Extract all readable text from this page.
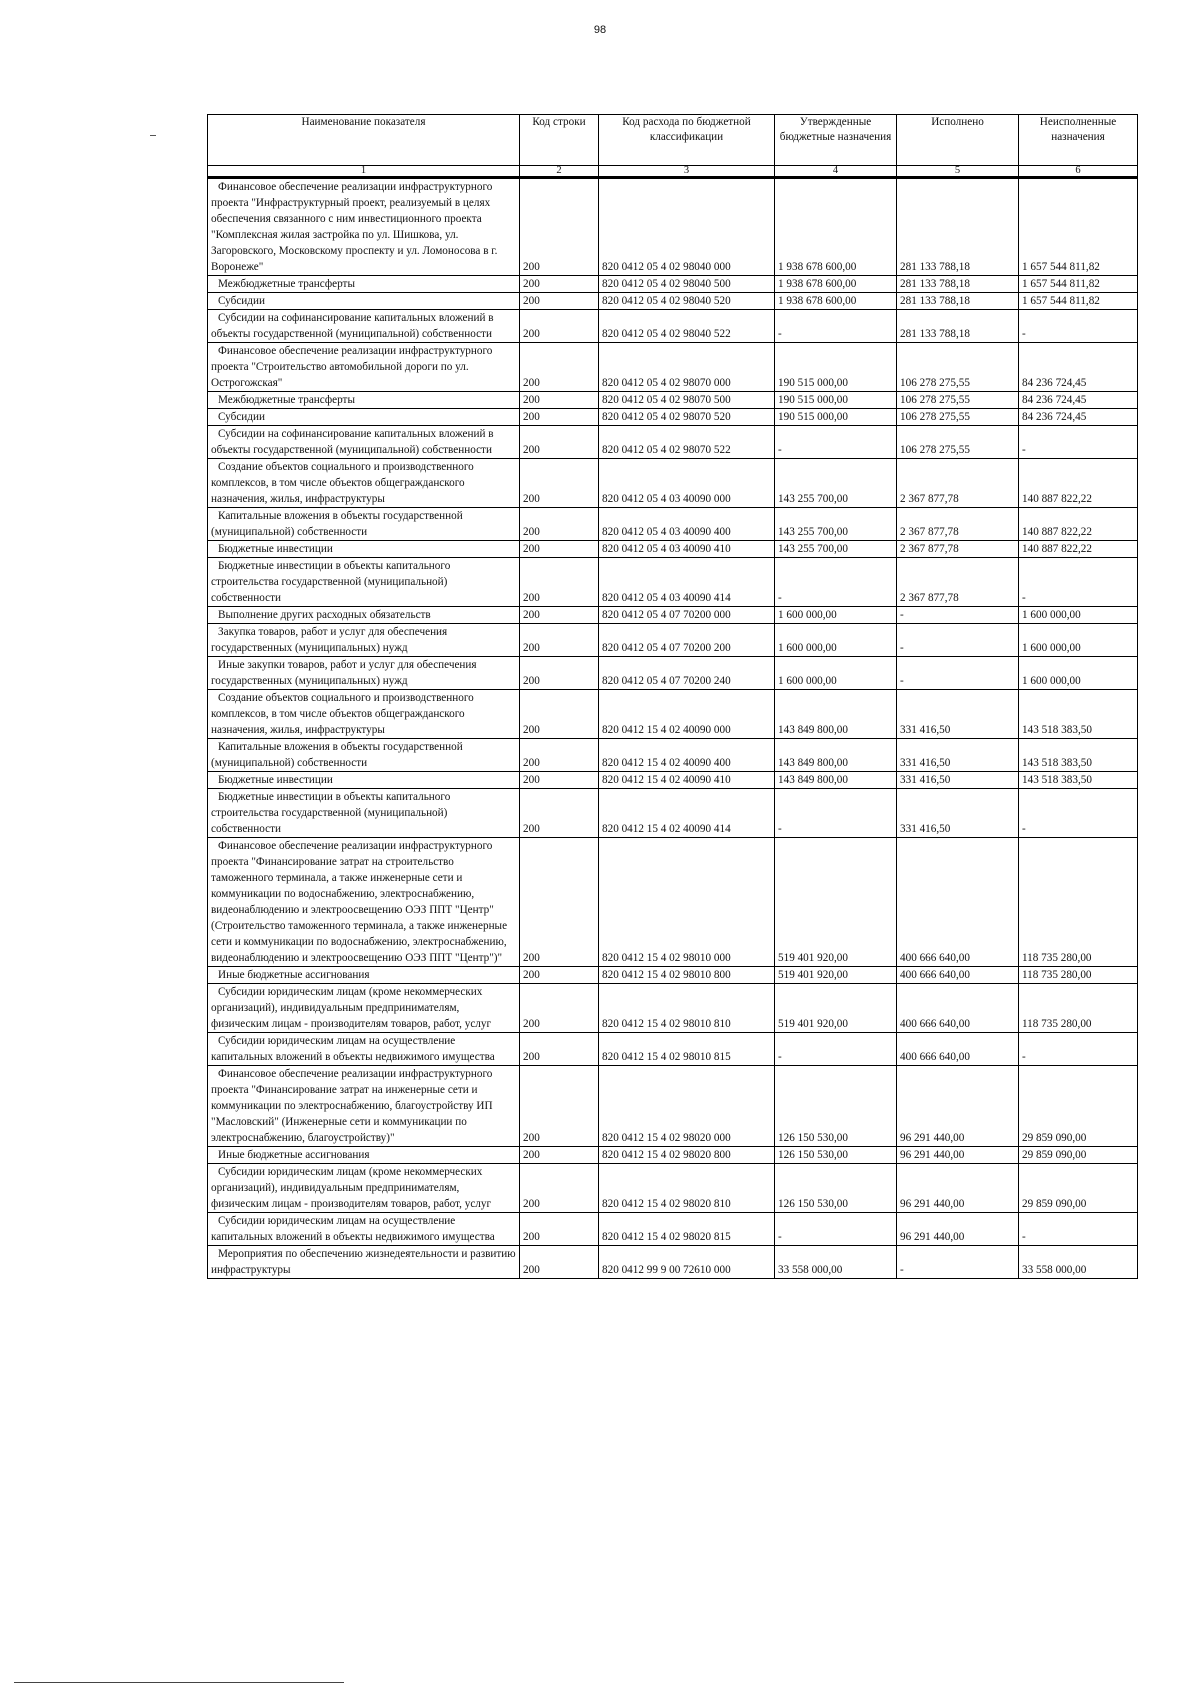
98
Наименование показателя	Код строки	Код расхода по бюджетной классификации	Утвержденные бюджетные назначения	Исполнено	Неисполненные назначения
1	2	3	4	5	6
Финансовое обеспечение реализации инфраструктурного проекта "Инфраструктурный проект, реализуемый в целях обеспечения связанного с ним инвестиционного проекта "Комплексная жилая застройка по ул. Шишкова, ул. Загоровского, Московскому проспекту и ул. Ломоносова в г. Воронеже"	200	820 0412 05 4 02 98040 000	1 938 678 600,00	281 133 788,18	1 657 544 811,82
Межбюджетные трансферты	200	820 0412 05 4 02 98040 500	1 938 678 600,00	281 133 788,18	1 657 544 811,82
Субсидии	200	820 0412 05 4 02 98040 520	1 938 678 600,00	281 133 788,18	1 657 544 811,82
Субсидии на софинансирование капитальных вложений в объекты государственной (муниципальной) собственности	200	820 0412 05 4 02 98040 522	-	281 133 788,18	-
Финансовое обеспечение реализации инфраструктурного проекта "Строительство автомобильной дороги по ул. Острогожская"	200	820 0412 05 4 02 98070 000	190 515 000,00	106 278 275,55	84 236 724,45
Межбюджетные трансферты	200	820 0412 05 4 02 98070 500	190 515 000,00	106 278 275,55	84 236 724,45
Субсидии	200	820 0412 05 4 02 98070 520	190 515 000,00	106 278 275,55	84 236 724,45
Субсидии на софинансирование капитальных вложений в объекты государственной (муниципальной) собственности	200	820 0412 05 4 02 98070 522	-	106 278 275,55	-
Создание объектов социального и производственного комплексов, в том числе объектов общегражданского назначения, жилья, инфраструктуры	200	820 0412 05 4 03 40090 000	143 255 700,00	2 367 877,78	140 887 822,22
Капитальные вложения в объекты государственной (муниципальной) собственности	200	820 0412 05 4 03 40090 400	143 255 700,00	2 367 877,78	140 887 822,22
Бюджетные инвестиции	200	820 0412 05 4 03 40090 410	143 255 700,00	2 367 877,78	140 887 822,22
Бюджетные инвестиции в объекты капитального строительства государственной (муниципальной) собственности	200	820 0412 05 4 03 40090 414	-	2 367 877,78	-
Выполнение других расходных обязательств	200	820 0412 05 4 07 70200 000	1 600 000,00	-	1 600 000,00
Закупка товаров, работ и услуг для обеспечения государственных (муниципальных) нужд	200	820 0412 05 4 07 70200 200	1 600 000,00	-	1 600 000,00
Иные закупки товаров, работ и услуг для обеспечения государственных (муниципальных) нужд	200	820 0412 05 4 07 70200 240	1 600 000,00	-	1 600 000,00
Создание объектов социального и производственного комплексов, в том числе объектов общегражданского назначения, жилья, инфраструктуры	200	820 0412 15 4 02 40090 000	143 849 800,00	331 416,50	143 518 383,50
Капитальные вложения в объекты государственной (муниципальной) собственности	200	820 0412 15 4 02 40090 400	143 849 800,00	331 416,50	143 518 383,50
Бюджетные инвестиции	200	820 0412 15 4 02 40090 410	143 849 800,00	331 416,50	143 518 383,50
Бюджетные инвестиции в объекты капитального строительства государственной (муниципальной) собственности	200	820 0412 15 4 02 40090 414	-	331 416,50	-
Финансовое обеспечение реализации инфраструктурного проекта "Финансирование затрат на строительство таможенного терминала, а также инженерные сети и коммуникации по водоснабжению, электроснабжению, видеонаблюдению и электроосвещению ОЭЗ ППТ "Центр" (Строительство таможенного терминала, а также инженерные сети и коммуникации по водоснабжению, электроснабжению, видеонаблюдению и электроосвещению ОЭЗ ППТ "Центр")"	200	820 0412 15 4 02 98010 000	519 401 920,00	400 666 640,00	118 735 280,00
Иные бюджетные ассигнования	200	820 0412 15 4 02 98010 800	519 401 920,00	400 666 640,00	118 735 280,00
Субсидии юридическим лицам (кроме некоммерческих организаций), индивидуальным предпринимателям, физическим лицам - производителям товаров, работ, услуг	200	820 0412 15 4 02 98010 810	519 401 920,00	400 666 640,00	118 735 280,00
Субсидии юридическим лицам на осуществление капитальных вложений в объекты недвижимого имущества	200	820 0412 15 4 02 98010 815	-	400 666 640,00	-
Финансовое обеспечение реализации инфраструктурного проекта "Финансирование затрат на инженерные сети и коммуникации по электроснабжению, благоустройству ИП "Масловский" (Инженерные сети и коммуникации по электроснабжению, благоустройству)"	200	820 0412 15 4 02 98020 000	126 150 530,00	96 291 440,00	29 859 090,00
Иные бюджетные ассигнования	200	820 0412 15 4 02 98020 800	126 150 530,00	96 291 440,00	29 859 090,00
Субсидии юридическим лицам (кроме некоммерческих организаций), индивидуальным предпринимателям, физическим лицам - производителям товаров, работ, услуг	200	820 0412 15 4 02 98020 810	126 150 530,00	96 291 440,00	29 859 090,00
Субсидии юридическим лицам на осуществление капитальных вложений в объекты недвижимого имущества	200	820 0412 15 4 02 98020 815	-	96 291 440,00	-
Мероприятия по обеспечению жизнедеятельности и развитию инфраструктуры	200	820 0412 99 9 00 72610 000	33 558 000,00	-	33 558 000,00
